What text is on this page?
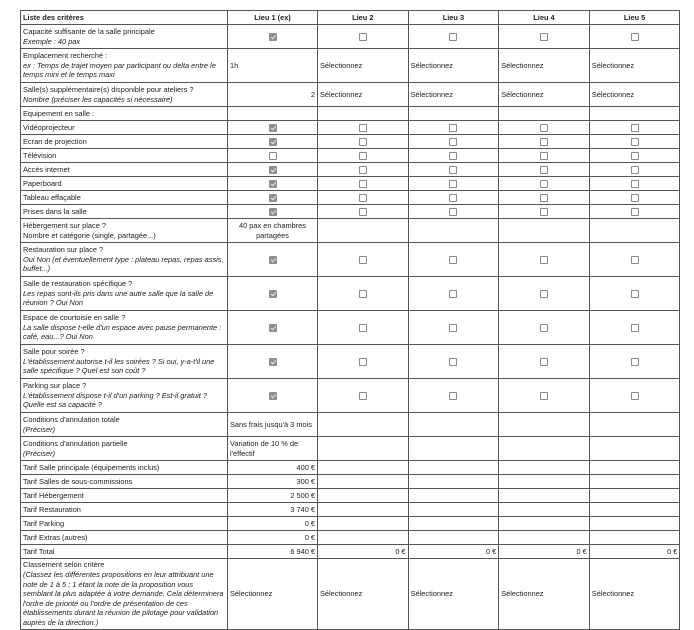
Liste des critères	Lieu 1 (ex)	Lieu 2	Lieu 3	Lieu 4	Lieu 5
Capacité suffisante de la salle principale
Exemple : 40 pax					
Emplacement recherché :
ex : Temps de trajet moyen par participant ou delta entre le temps mini et le temps maxi	1h	Sélectionnez	Sélectionnez	Sélectionnez	Sélectionnez
Salle(s) supplémentaire(s) disponible pour ateliers ?
Nombre (préciser les capacités si nécessaire)	2	Sélectionnez	Sélectionnez	Sélectionnez	Sélectionnez
Equipement en salle :					
Vidéoprojecteur					
Ecran de projection					
Télévision					
Accès internet					
Paperboard					
Tableau effaçable					
Prises dans la salle					
Hébergement sur place ?
Nombre et catégorie (single, partagée...)	40 pax en chambres partagées				
Restauration sur place ?
Oui Non (et éventuellement type : plateau repas, repas assis, buffet...)					
Salle de restauration spécifique ?
Les repas sont-ils pris dans une autre salle que la salle de réunion ? Oui Non					
Espace de courtoisie en salle ?
La salle dispose t-elle d'un espace avec pause permanente : café, eau...? Oui Non					
Salle pour soirée ?
L'établissement autorise t-il les soirées ? Si oui, y-a-t'il une salle spécifique ? Quel est son coût ?					
Parking sur place ?
L'établissement dispose t-il d'un parking ? Est-il gratuit ? Quelle est sa capacité ?					
Conditions d'annulation totale
(Préciser)	Sans frais jusqu'à 3 mois				
Conditions d'annulation partielle
(Préciser)	Variation de 10 % de l'effectif				
Tarif Salle principale (équipements inclus)	400 €				
Tarif Salles de sous-commissions	300 €				
Tarif Hébergement	2 500 €				
Tarif Restauration	3 740 €				
Tarif Parking	0 €				
Tarif Extras (autres)	0 €				
Tarif Total	6 940 €	0 €	0 €	0 €	0 €
Classement selon critère
(Classez les différentes propositions en leur attribuant une note de 1 à 5 ; 1 étant la note de la proposition vous semblant la plus adaptée à votre demande. Cela déterminera l'ordre de priorité ou l'ordre de présentation de ces établissements durant la réunion de pilotage pour validation auprès de la direction.)	Sélectionnez	Sélectionnez	Sélectionnez	Sélectionnez	Sélectionnez
